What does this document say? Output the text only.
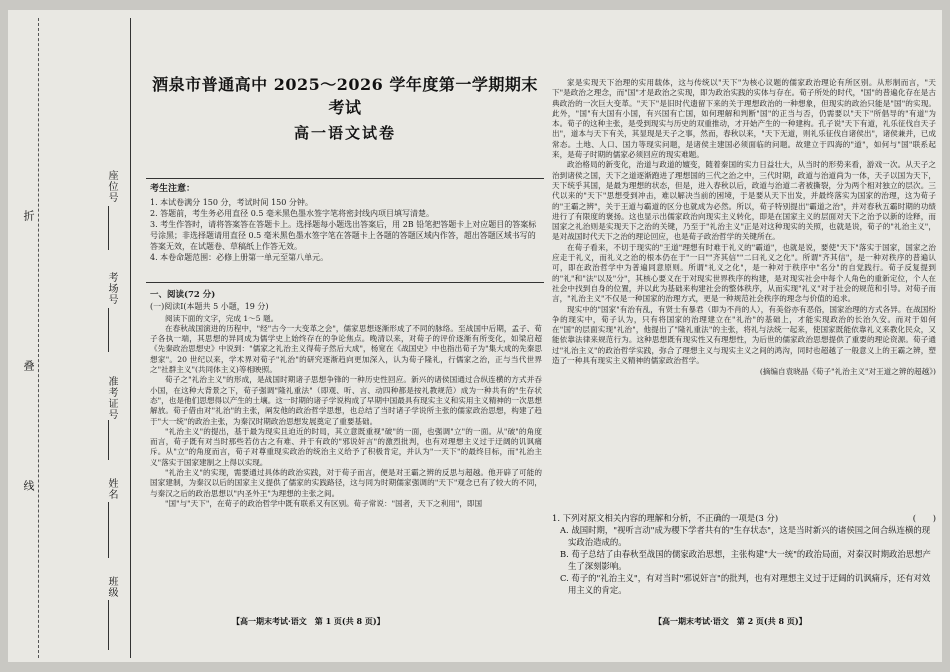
折
叠
线
座位号
考场号
准考证号
姓名
班级
酒泉市普通高中 2025～2026 学年度第一学期期末考试
高一语文试卷
考生注意：
1. 本试卷满分 150 分，考试时间 150 分钟。
2. 答题前，考生务必用直径 0.5 毫米黑色墨水签字笔将密封线内项目填写清楚。
3. 考生作答时，请将答案答在答题卡上。选择题每小题选出答案后，用 2B 铅笔把答题卡上对应题目的答案标号涂黑；非选择题请用直径 0.5 毫米黑色墨水签字笔在答题卡上各题的答题区域内作答，超出答题区域书写的答案无效，在试题卷、草稿纸上作答无效。
4. 本卷命题范围：必修上册第一单元至第八单元。
一、阅读(72 分)
(一)阅读Ⅰ(本题共 5 小题，19 分)

阅读下面的文字，完成 1～5 题。

在春秋战国演进的历程中，"经"古今一大变革之会"，儒家思想逐渐形成了不同的脉络。至战国中后期，孟子、荀子各执一端，其思想的异同成为儒学史上始终存在的争论焦点。晚清以来，对荀子的评价逐渐有所变化，如梁启超《先秦政治思想史》中说到："儒家之礼治主义得荀子然后大成"，杨宽在《战国史》中也指出荀子为"集大成的先秦思想家"。20 世纪以来，学术界对荀子"礼治"的研究逐渐趋向更加深入，认为荀子隆礼，行儒家之治，正与当代世界之"社群主义"(共同体主义)等相映照。

荀子之"礼治主义"的形成，是战国时期诸子思想争锋的一种历史性回应。新兴的诸侯国通过合纵连横的方式并吞小国，在这种大背景之下，荀子强调"隆礼重法"（即观、听、言、动四种都是按礼教规范）成为一种共有的"生存状态"，也是他们思想得以产生的土壤。这一时期的诸子学说构成了早期中国最具有现实主义和实用主义精神的一次思想解放。荀子借由对"礼治"的主张，阐发他的政治哲学思想，也总结了当时诸子学说所主张的儒家政治思想，构建了趋于"大一统"的政治主张，为秦汉时期政治思想发展奠定了重要基础。

"礼治主义"的提出，基于最为现实且迫近的时局，其立意既重视"破"的一面，也强调"立"的一面。从"破"的角度而言，荀子既有对当时那些若仿古之有难、并于有政的"邪说奸言"的激烈批判，也有对理想主义过于迂阔的讥讽痛斥。从"立"的角度而言，荀子对尊重现实政治的统治主义给予了积极肯定，并认为"一天下"的最终目标，而"礼治主义"落实于国家建制之上得以实现。

"礼治主义"的实现，需要通过具体的政治实践，对于荀子而言，便是对王霸之辨的反思与超越。他开辟了可能的国家建制，为秦汉以后的国家主义提供了儒家的实践路径，这与同为时期儒家强调的"天下"观念已有了较大的不同，与秦汉之后的政治思想以"内圣外王"为理想的主张之间。

"国"与"天下"，在荀子的政治哲学中既有联系又有区别。荀子常说："国者，天下之利用"，即国

【高一期末考试·语文　第 1 页(共 8 页)】

家是实现天下治理的实用载体，这与传统以"天下"为核心议题的儒家政治理论有所区别。从形制而言，"天下"是政治之理念，而"国"才是政治之实现，即为政治实践的实体与存在。荀子所处的时代，"国"的普遍化存在是古典政治的一次巨大变革。"天下"是旧时代遗留下来的关于理想政治的一种想象，但现实的政治只能是"国"的实现。此外，"国"有大国有小国，有兴国有亡国，如何理解和判断"国"的正当与否，仍需要以"天下"所倡导的"有道"为本。荀子的这种主张，是受到现实与历史的双重推动，才开始产生的一种建构。孔子说"天下有道，礼乐征伐自天子出"，道本与天下有关，其显现是天子之事，然而，春秋以来，"天下无道，则礼乐征伐自诸侯出"，诸侯兼并，已成常态。土地、人口、国力等现实问题，是诸侯主建国必须面临的问题。故建立于四海的"道"，如何与"国"联系起来，是荀子时期的儒家必须回应的现实难题。

政治格局的新变化，治道与政道的嬗变，随着秦国的实力日益壮大，从当时的形势来看，游戏一次。从天子之治到诸侯之国，天下之道逐渐跑进了理想国的三代之治之中，三代时期，政道与治道尚为一体，天子以国为天下，天下统乎其国，是最为理想的状态，但是，进入春秋以后，政道与治道二者被撕裂，分为两个相对独立的层次。三代以来的"天下"思想受到冲击，难以解决当前的困境，于是要从天下出发，并最终落实为国家的治理，这为荀子的"王霸之辨"，关于王道与霸道的区分也就成为必然。所以，荀子特别提出"霸道之治"，并对春秋五霸时期的功绩进行了有限度的褒扬。这也显示出儒家政治向现实主义转化，即是在国家主义的层面对天下之治予以新的诠释，而国家之礼治则是实现天下之治的关键，乃至于"礼治主义"正是对这种现实的关照，也就是说，荀子的"礼治主义"，是对战国时代天下之治的理论回应，也是荀子政治哲学的关键所在。

在荀子看来，不切于现实的"王道"理想有时难于礼义的"霸道"，也就是说，要使"天下"落实于国家，国家之治应走于礼义，而礼义之治的根本仍在于"一曰""齐其信""二曰礼义之化"。所谓"齐其信"，是一种对秩序的普遍认可，即在政治哲学中为普遍同意原则。所谓"礼义之化"，是一种对于秩序中"名分"的自觉践行。荀子反复提到的"礼"和"法"以及"分"，其核心要义在于对现实世界秩序的构建，是对现实社会中每个人角色的重新定位，个人在社会中找到自身的位置，并以此为基础来构建社会的整体秩序，从而实现"礼义"对于社会的规范和引导。对荀子而言，"礼治主义"不仅是一种国家的治理方式，更是一种规范社会秩序的理念与价值的追求。

现实中的"国家"有治有乱，有贤士有暴君（即为不肖的人），有美俗亦有恶俗，国家治理的方式各异。在战国纷争的现实中，荀子认为，只有将国家的治理建立在"礼治"的基础上，才能实现政治的长治久安。而对于如何在"国"的层面实现"礼治"，他提出了"隆礼重法"的主张，将礼与法统一起来，使国家既能依靠礼义来教化民众，又能依靠法律来规范行为。这种思想既有现实性又有理想性，为后世的儒家政治思想提供了重要的理论资源。荀子通过"礼治主义"的政治哲学实践，弥合了理想主义与现实主义之间的鸿沟，同时也超越了一般意义上的王霸之辨，塑造了一种具有现实主义精神的儒家政治哲学。

(摘编自袁晓晶《荀子"礼治主义"对王道之辨的超越》)

1. 下列对原文相关内容的理解和分析，不正确的一项是(3 分)	(　　)
A. 战国时期，"视听言动"成为稷下学者共有的"生存状态"，这是当时新兴的诸侯国之间合纵连横的现实政治造成的。
B. 荀子总结了由春秋至战国的儒家政治思想，主张构建"大一统"的政治局面，对秦汉时期政治思想产生了深刻影响。
C. 荀子的"礼治主义"，有对当时"邪说奸言"的批判，也有对理想主义过于迂阔的讥讽痛斥，还有对效用主义的肯定。
【高一期末考试·语文　第 2 页(共 8 页)】
